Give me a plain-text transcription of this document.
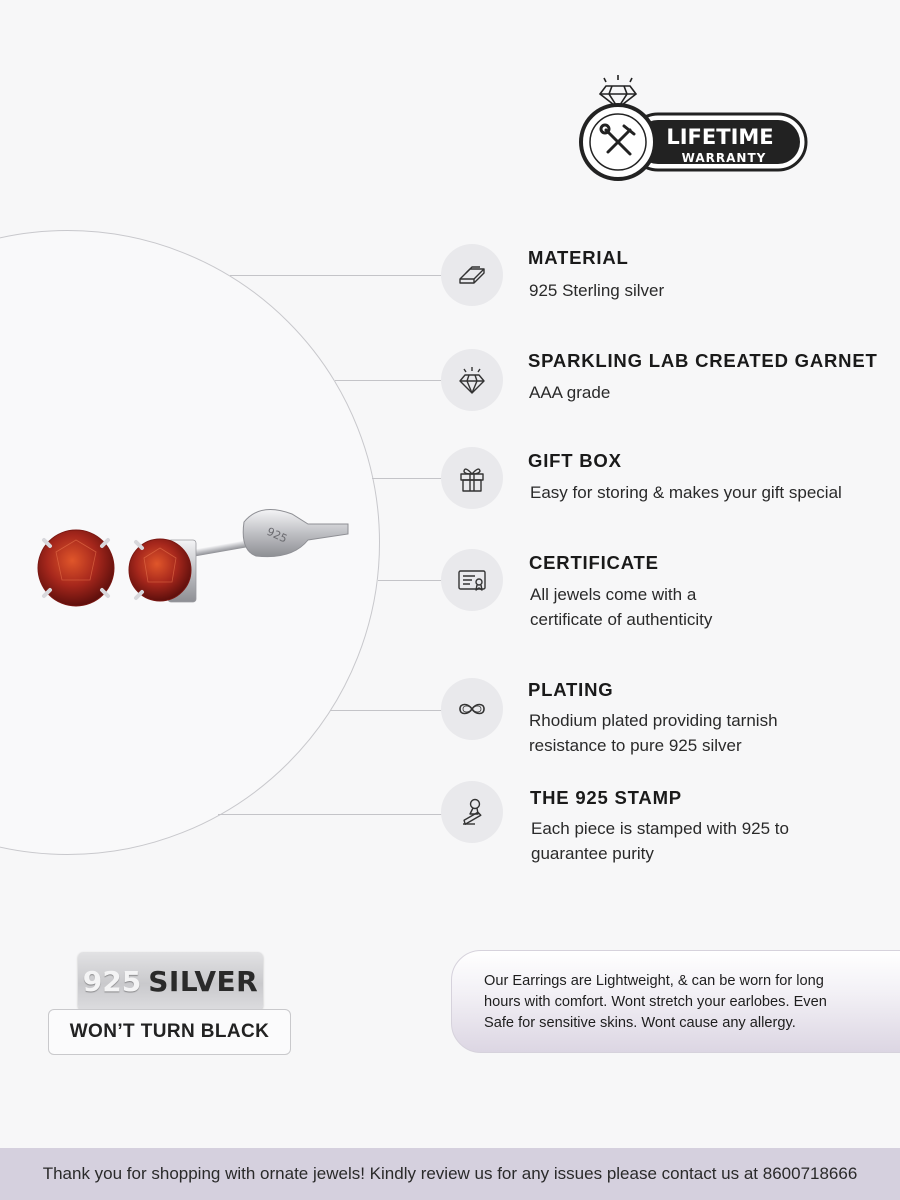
LIFETIME
WARRANTY
925
MATERIAL
925 Sterling silver
SPARKLING LAB CREATED GARNET
AAA grade
GIFT BOX
Easy for storing & makes your gift special
CERTIFICATE
All jewels come with a
certificate of authenticity
PLATING
Rhodium plated providing tarnish
resistance to pure 925 silver
THE 925 STAMP
Each piece is stamped with 925 to
guarantee purity
925 SILVER
WON’T TURN BLACK
Our Earrings are Lightweight, & can be worn for long
hours with comfort. Wont stretch your earlobes. Even
Safe for sensitive skins. Wont cause any allergy.
Thank you for shopping with ornate jewels! Kindly review us for any issues please contact us at 8600718666
